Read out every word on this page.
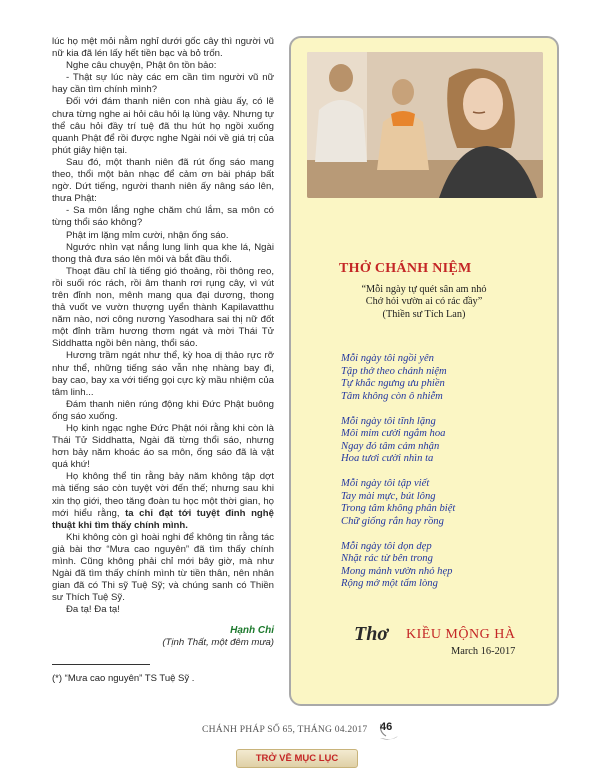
lúc họ mệt mỏi nằm nghỉ dưới gốc cây thì người vũ nữ kia đã lén lấy hết tiền bạc và bỏ trốn.

Nghe câu chuyện, Phật ôn tồn bảo:

- Thật sự lúc này các em cần tìm người vũ nữ hay cần tìm chính mình?

Đối với đám thanh niên con nhà giàu ấy, có lẽ chưa từng nghe ai hỏi câu hỏi lạ lùng vậy. Nhưng tự thể câu hỏi đầy trí tuệ đã thu hút họ ngồi xuống quanh Phật để rồi được nghe Ngài nói về giá trị của phút giây hiện tại.

Sau đó, một thanh niên đã rút ống sáo mang theo, thổi một bản nhạc để cảm ơn bài pháp bất ngờ. Dứt tiếng, người thanh niên ấy nâng sáo lên, thưa Phật:

- Sa môn lắng nghe chăm chú lắm, sa môn có từng thổi sáo không?

Phật im lặng mỉm cười, nhận ống sáo.

Ngước nhìn vạt nắng lung linh qua khe lá, Ngài thong thả đưa sáo lên môi và bắt đầu thổi.

Thoạt đầu chỉ là tiếng gió thoảng, rồi thông reo, rồi suối róc rách, rồi âm thanh rơi rụng cây, vì vút trên đỉnh non, mênh mang qua đại dương, thong thả vuốt ve vườn thượng uyển thành Kapilavatthu năm nào, nơi công nương Yasodhara sai thị nữ đốt một đỉnh trầm hương thơm ngát và mời Thái Tử Siddhatta ngồi bên nàng, thổi sáo.

Hương trầm ngát như thể, kỳ hoa dị thảo rực rỡ như thể, những tiếng sáo vẫn nhẹ nhàng bay đi, bay cao, bay xa với tiếng gọi cực kỳ mầu nhiệm của tâm linh...

Đám thanh niên rúng động khi Đức Phật buông ống sáo xuống.

Họ kinh ngạc nghe Đức Phật nói rằng khi còn là Thái Tử Siddhatta, Ngài đã từng thổi sáo, nhưng hơn bảy năm khoác áo sa môn, ống sáo đã là vật quá khứ!

Họ không thể tin rằng bảy năm không tập dợt mà tiếng sáo còn tuyệt vời đến thế; nhưng sau khi xin thọ giới, theo tăng đoàn tu học một thời gian, họ mới hiểu rằng, ta chỉ đạt tới tuyệt đỉnh nghệ thuật khi tìm thấy chính mình.

Khi không còn gì hoài nghi để không tin rằng tác giả bài thơ “Mưa cao nguyên” đã tìm thấy chính mình. Cũng không phải chỉ mới bây giờ, mà như Ngài đã tìm thấy chính mình từ tiền thân, nên nhân gian đã có Thi sỹ Tuệ Sỹ; và chúng sanh có Thiền sư Thích Tuệ Sỹ.

Đa tạ! Đa tạ!

Hạnh Chi
(Tịnh Thất, một đêm mưa)
(*) “Mưa cao nguyên” TS Tuệ Sỹ .
THỞ CHÁNH NIỆM
“Mỗi ngày tự quét sân am nhỏ
Chớ hỏi vườn ai có rác đầy”
(Thiền sư Tích Lan)
Mỗi ngày tôi ngồi yên
Tập thở theo chánh niệm
Tự khắc ngưng ưu phiền
Tâm không còn ô nhiễm
Mỗi ngày tôi tĩnh lặng
Môi mỉm cười ngắm hoa
Ngay đó tâm cảm nhận
Hoa tươi cười nhìn ta
Mỗi ngày tôi tập viết
Tay mài mực, bút lông
Trong tâm không phân biệt
Chữ giống rắn hay rồng
Mỗi ngày tôi dọn dẹp
Nhặt rác từ bên trong
Mong mảnh vườn nhỏ hẹp
Rộng mở một tấm lòng
Thơ KIỀU MỘNG HÀ
March 16-2017
CHÁNH PHÁP SỐ 65, THÁNG 04.2017 46
TRỞ VỀ MỤC LỤC
